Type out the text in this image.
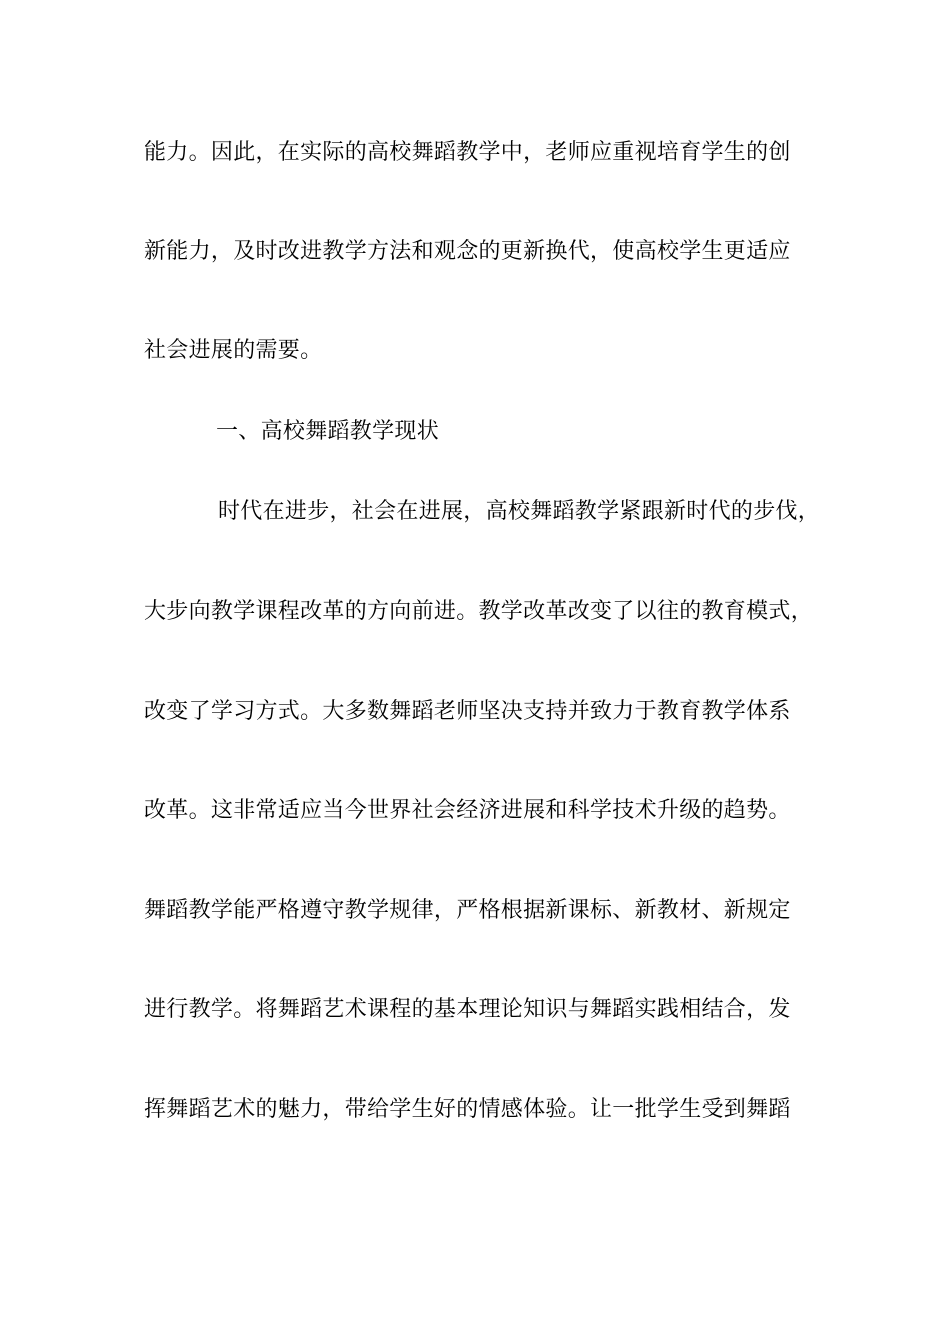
能力。因此，在实际的高校舞蹈教学中，老师应重视培育学生的创
新能力，及时改进教学方法和观念的更新换代，使高校学生更适应
社会进展的需要。
一、高校舞蹈教学现状
时代在进步，社会在进展，高校舞蹈教学紧跟新时代的步伐，
大步向教学课程改革的方向前进。教学改革改变了以往的教育模式，
改变了学习方式。大多数舞蹈老师坚决支持并致力于教育教学体系
改革。这非常适应当今世界社会经济进展和科学技术升级的趋势。
舞蹈教学能严格遵守教学规律，严格根据新课标、新教材、新规定
进行教学。将舞蹈艺术课程的基本理论知识与舞蹈实践相结合，发
挥舞蹈艺术的魅力，带给学生好的情感体验。让一批学生受到舞蹈
